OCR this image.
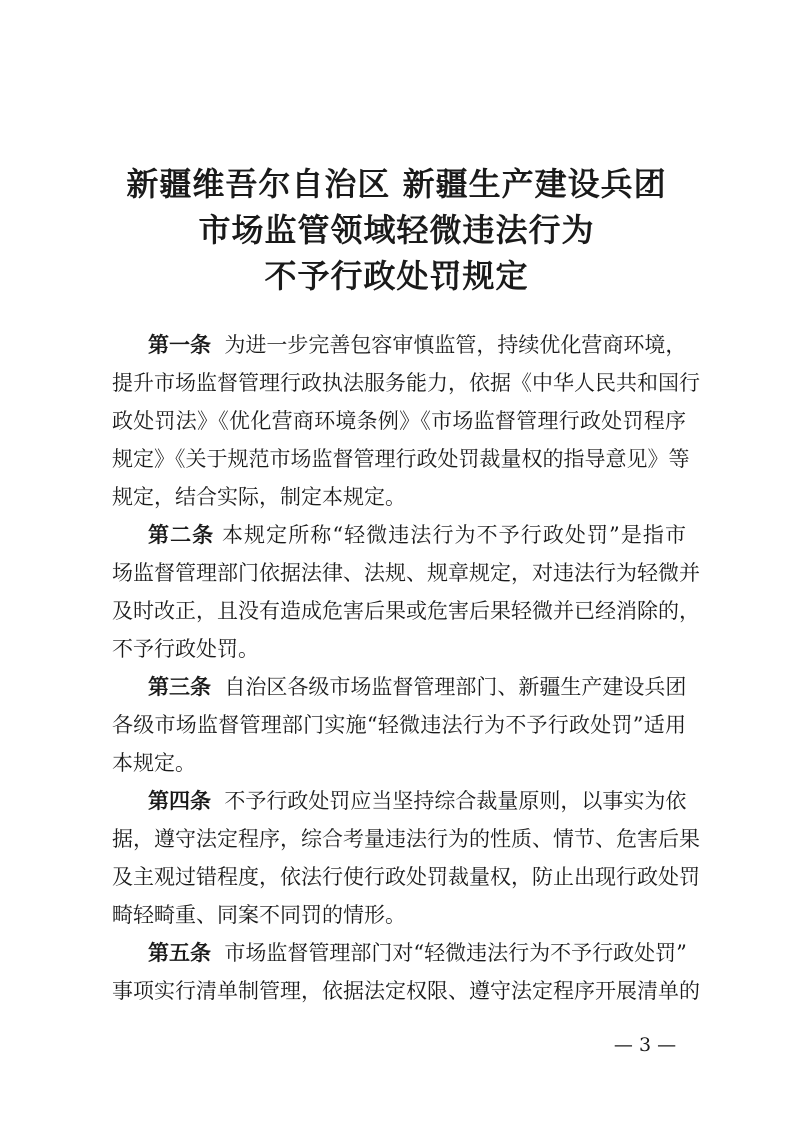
新疆维吾尔自治区 新疆生产建设兵团
市场监管领域轻微违法行为
不予行政处罚规定
第一条 为进一步完善包容审慎监管，持续优化营商环境，
提升市场监督管理行政执法服务能力，依据《中华人民共和国行
政处罚法》《优化营商环境条例》《市场监督管理行政处罚程序
规定》《关于规范市场监督管理行政处罚裁量权的指导意见》等
规定，结合实际，制定本规定。
第二条 本规定所称“轻微违法行为不予行政处罚”是指市
场监督管理部门依据法律、法规、规章规定，对违法行为轻微并
及时改正，且没有造成危害后果或危害后果轻微并已经消除的，
不予行政处罚。
第三条 自治区各级市场监督管理部门、新疆生产建设兵团
各级市场监督管理部门实施“轻微违法行为不予行政处罚”适用
本规定。
第四条 不予行政处罚应当坚持综合裁量原则，以事实为依
据，遵守法定程序，综合考量违法行为的性质、情节、危害后果
及主观过错程度，依法行使行政处罚裁量权，防止出现行政处罚
畸轻畸重、同案不同罚的情形。
第五条 市场监督管理部门对“轻微违法行为不予行政处罚”
事项实行清单制管理，依据法定权限、遵守法定程序开展清单的
— 3 —
